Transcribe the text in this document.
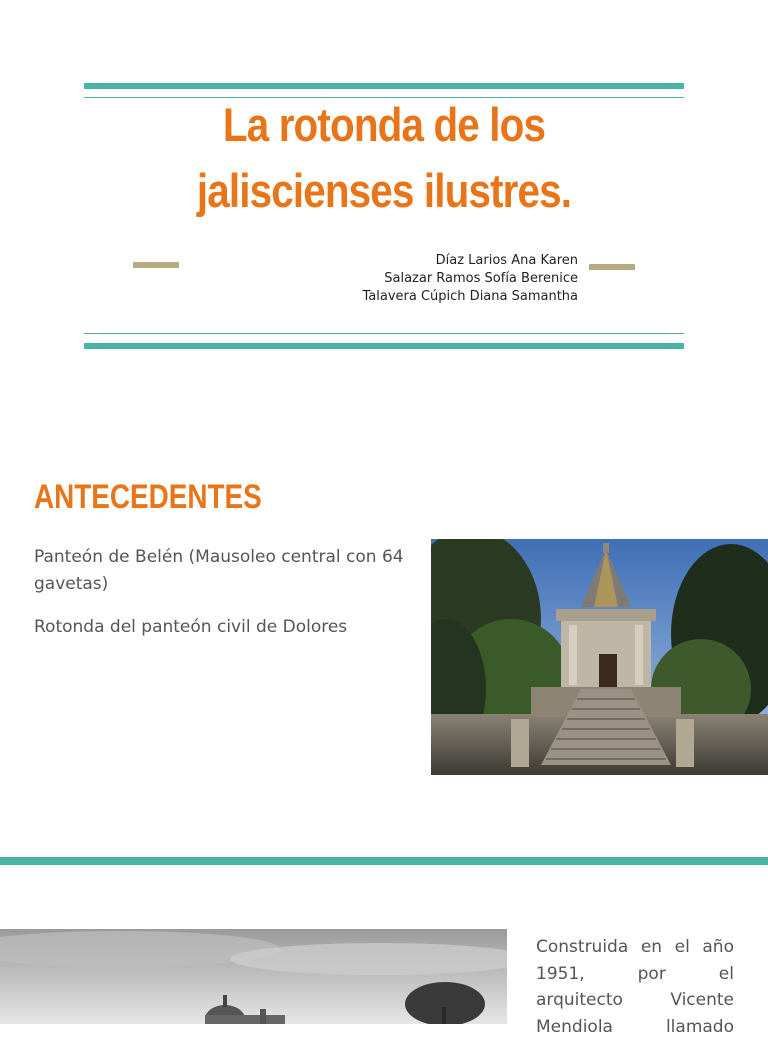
La rotonda de los
jaliscienses ilustres.
Díaz Larios Ana Karen
Salazar Ramos Sofía Berenice
Talavera Cúpich Diana Samantha
ANTECEDENTES
Panteón de Belén (Mausoleo central con 64 gavetas)
Rotonda del panteón civil de Dolores
Construida en el año
1951,	por	el
arquitecto	Vicente
Mendiola	llamado
